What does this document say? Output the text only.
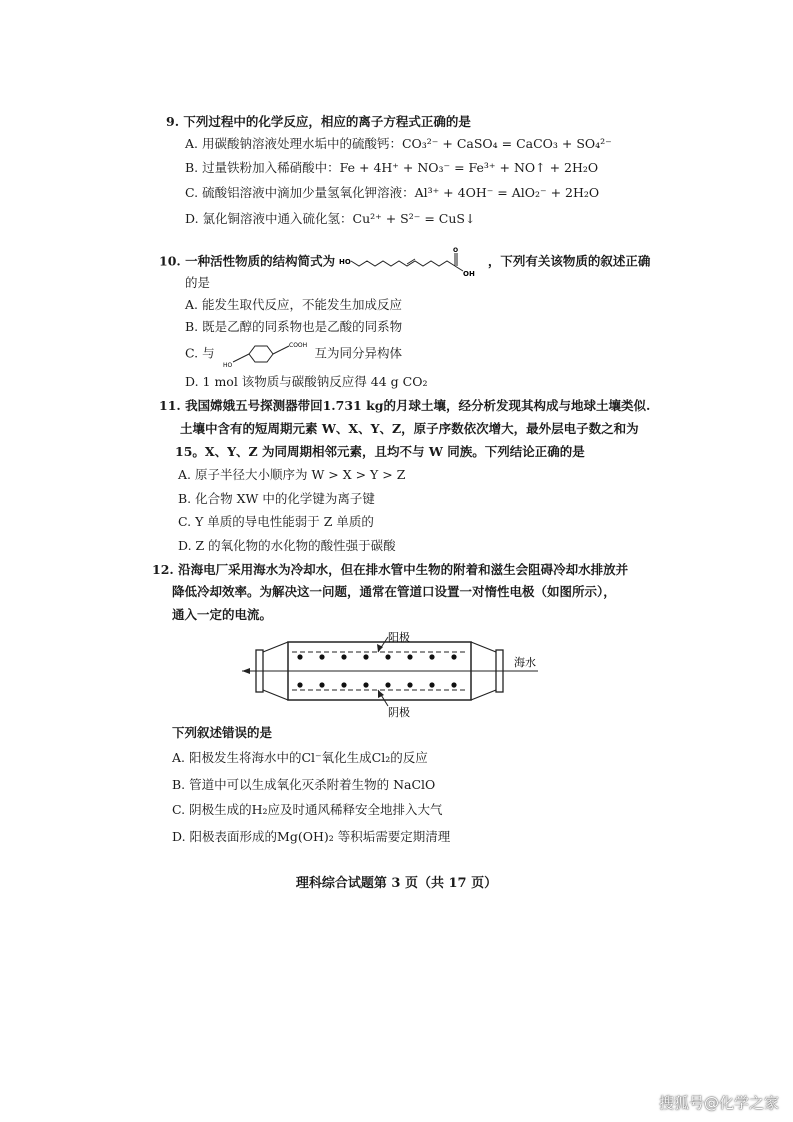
9. 下列过程中的化学反应，相应的离子方程式正确的是
A. 用碳酸钠溶液处理水垢中的硫酸钙：CO₃²⁻ + CaSO₄ = CaCO₃ + SO₄²⁻
B. 过量铁粉加入稀硝酸中：Fe + 4H⁺ + NO₃⁻ = Fe³⁺ + NO↑ + 2H₂O
C. 硫酸铝溶液中滴加少量氢氧化钾溶液：Al³⁺ + 4OH⁻ = AlO₂⁻ + 2H₂O
D. 氯化铜溶液中通入硫化氢：Cu²⁺ + S²⁻ = CuS↓
10. 一种活性物质的结构简式为 HO
O
OH
，下列有关该物质的叙述正确
的是
A. 能发生取代反应，不能发生加成反应
B. 既是乙醇的同系物也是乙酸的同系物
C. 与
HO
COOH 互为同分异构体
D. 1 mol 该物质与碳酸钠反应得 44 g CO₂
11. 我国嫦娥五号探测器带回1.731 kg的月球土壤，经分析发现其构成与地球土壤类似.
土壤中含有的短周期元素 W、X、Y、Z，原子序数依次增大，最外层电子数之和为
15。X、Y、Z 为同周期相邻元素，且均不与 W 同族。下列结论正确的是
A. 原子半径大小顺序为 W > X > Y > Z
B. 化合物 XW 中的化学键为离子键
C. Y 单质的导电性能弱于 Z 单质的
D. Z 的氧化物的水化物的酸性强于碳酸
12. 沿海电厂采用海水为冷却水，但在排水管中生物的附着和滋生会阻碍冷却水排放并
降低冷却效率。为解决这一问题，通常在管道口设置一对惰性电极（如图所示），
通入一定的电流。
阳极
阴极
海水
下列叙述错误的是
A. 阳极发生将海水中的Cl⁻氧化生成Cl₂的反应
B. 管道中可以生成氧化灭杀附着生物的 NaClO
C. 阴极生成的H₂应及时通风稀释安全地排入大气
D. 阳极表面形成的Mg(OH)₂ 等积垢需要定期清理
理科综合试题第 3 页（共 17 页）
搜狐号@化学之家
